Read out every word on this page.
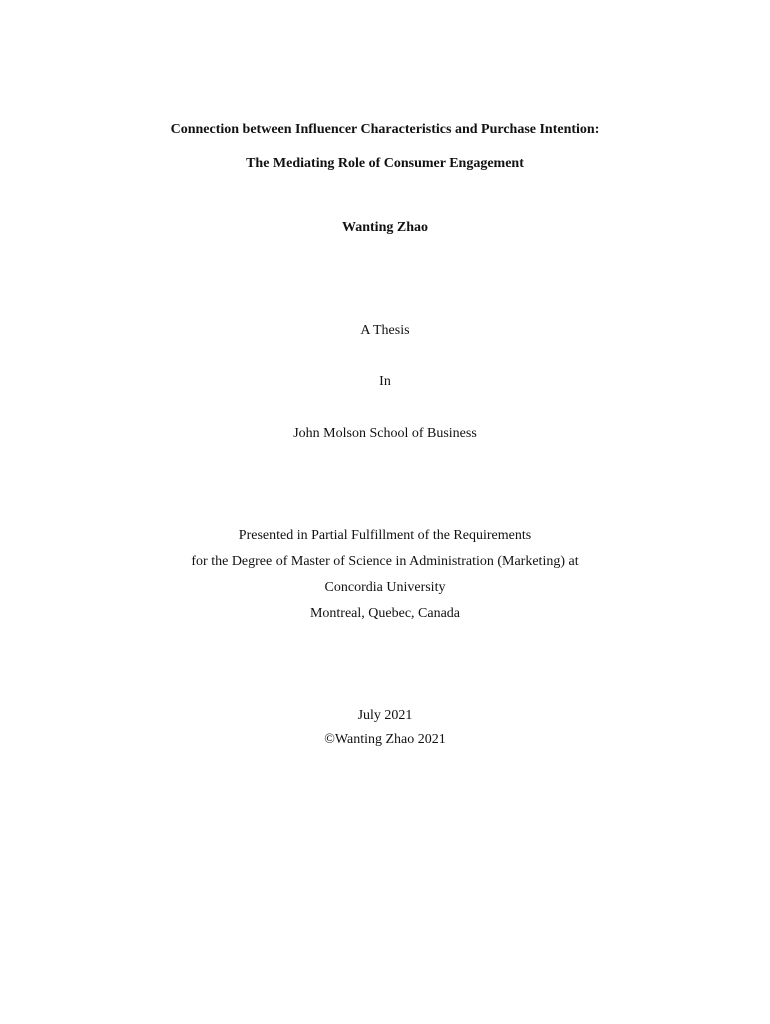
Connection between Influencer Characteristics and Purchase Intention:
The Mediating Role of Consumer Engagement
Wanting Zhao
A Thesis
In
John Molson School of Business
Presented in Partial Fulfillment of the Requirements
for the Degree of Master of Science in Administration (Marketing) at
Concordia University
Montreal, Quebec, Canada
July 2021
©Wanting Zhao 2021
